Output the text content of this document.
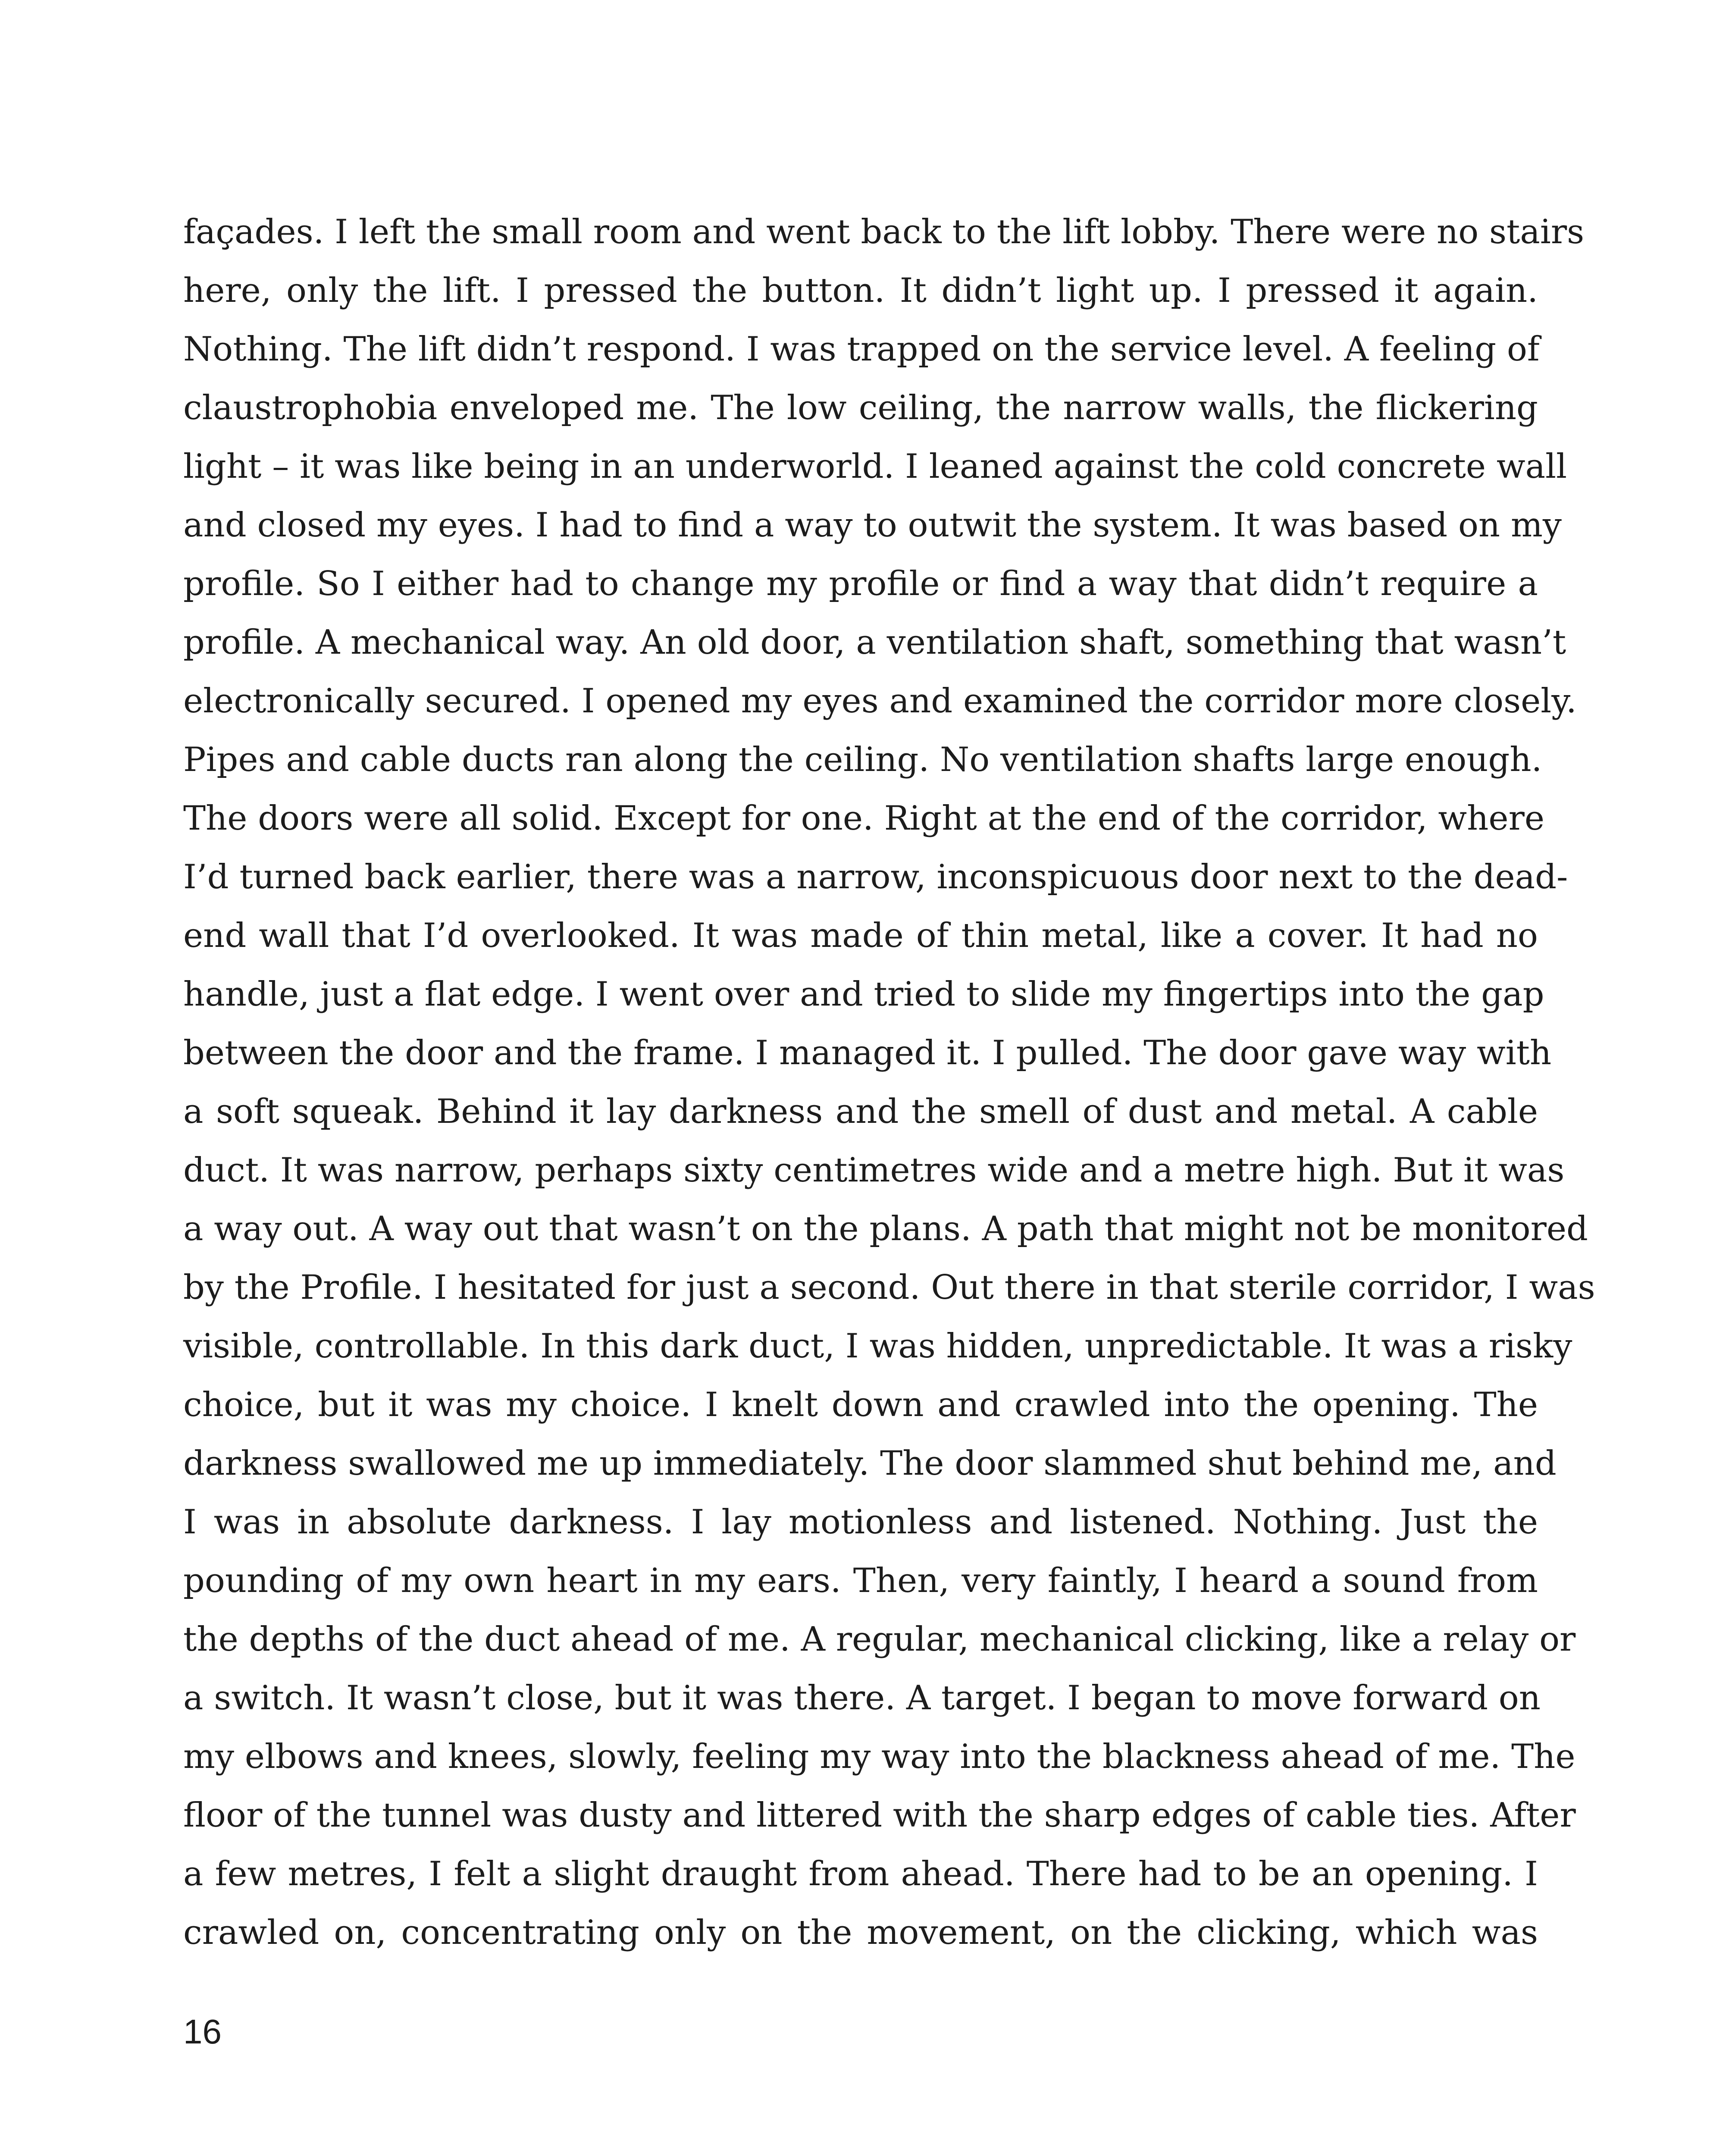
façades. I left the small room and went back to the lift lobby. There were no stairs
here, only the lift. I pressed the button. It didn’t light up. I pressed it again.
Nothing. The lift didn’t respond. I was trapped on the service level. A feeling of
claustrophobia enveloped me. The low ceiling, the narrow walls, the flickering
light – it was like being in an underworld. I leaned against the cold concrete wall
and closed my eyes. I had to find a way to outwit the system. It was based on my
profile. So I either had to change my profile or find a way that didn’t require a
profile. A mechanical way. An old door, a ventilation shaft, something that wasn’t
electronically secured. I opened my eyes and examined the corridor more closely.
Pipes and cable ducts ran along the ceiling. No ventilation shafts large enough.
The doors were all solid. Except for one. Right at the end of the corridor, where
I’d turned back earlier, there was a narrow, inconspicuous door next to the dead-
end wall that I’d overlooked. It was made of thin metal, like a cover. It had no
handle, just a flat edge. I went over and tried to slide my fingertips into the gap
between the door and the frame. I managed it. I pulled. The door gave way with
a soft squeak. Behind it lay darkness and the smell of dust and metal. A cable
duct. It was narrow, perhaps sixty centimetres wide and a metre high. But it was
a way out. A way out that wasn’t on the plans. A path that might not be monitored
by the Profile. I hesitated for just a second. Out there in that sterile corridor, I was
visible, controllable. In this dark duct, I was hidden, unpredictable. It was a risky
choice, but it was my choice. I knelt down and crawled into the opening. The
darkness swallowed me up immediately. The door slammed shut behind me, and
I was in absolute darkness. I lay motionless and listened. Nothing. Just the
pounding of my own heart in my ears. Then, very faintly, I heard a sound from
the depths of the duct ahead of me. A regular, mechanical clicking, like a relay or
a switch. It wasn’t close, but it was there. A target. I began to move forward on
my elbows and knees, slowly, feeling my way into the blackness ahead of me. The
floor of the tunnel was dusty and littered with the sharp edges of cable ties. After
a few metres, I felt a slight draught from ahead. There had to be an opening. I
crawled on, concentrating only on the movement, on the clicking, which was
16
